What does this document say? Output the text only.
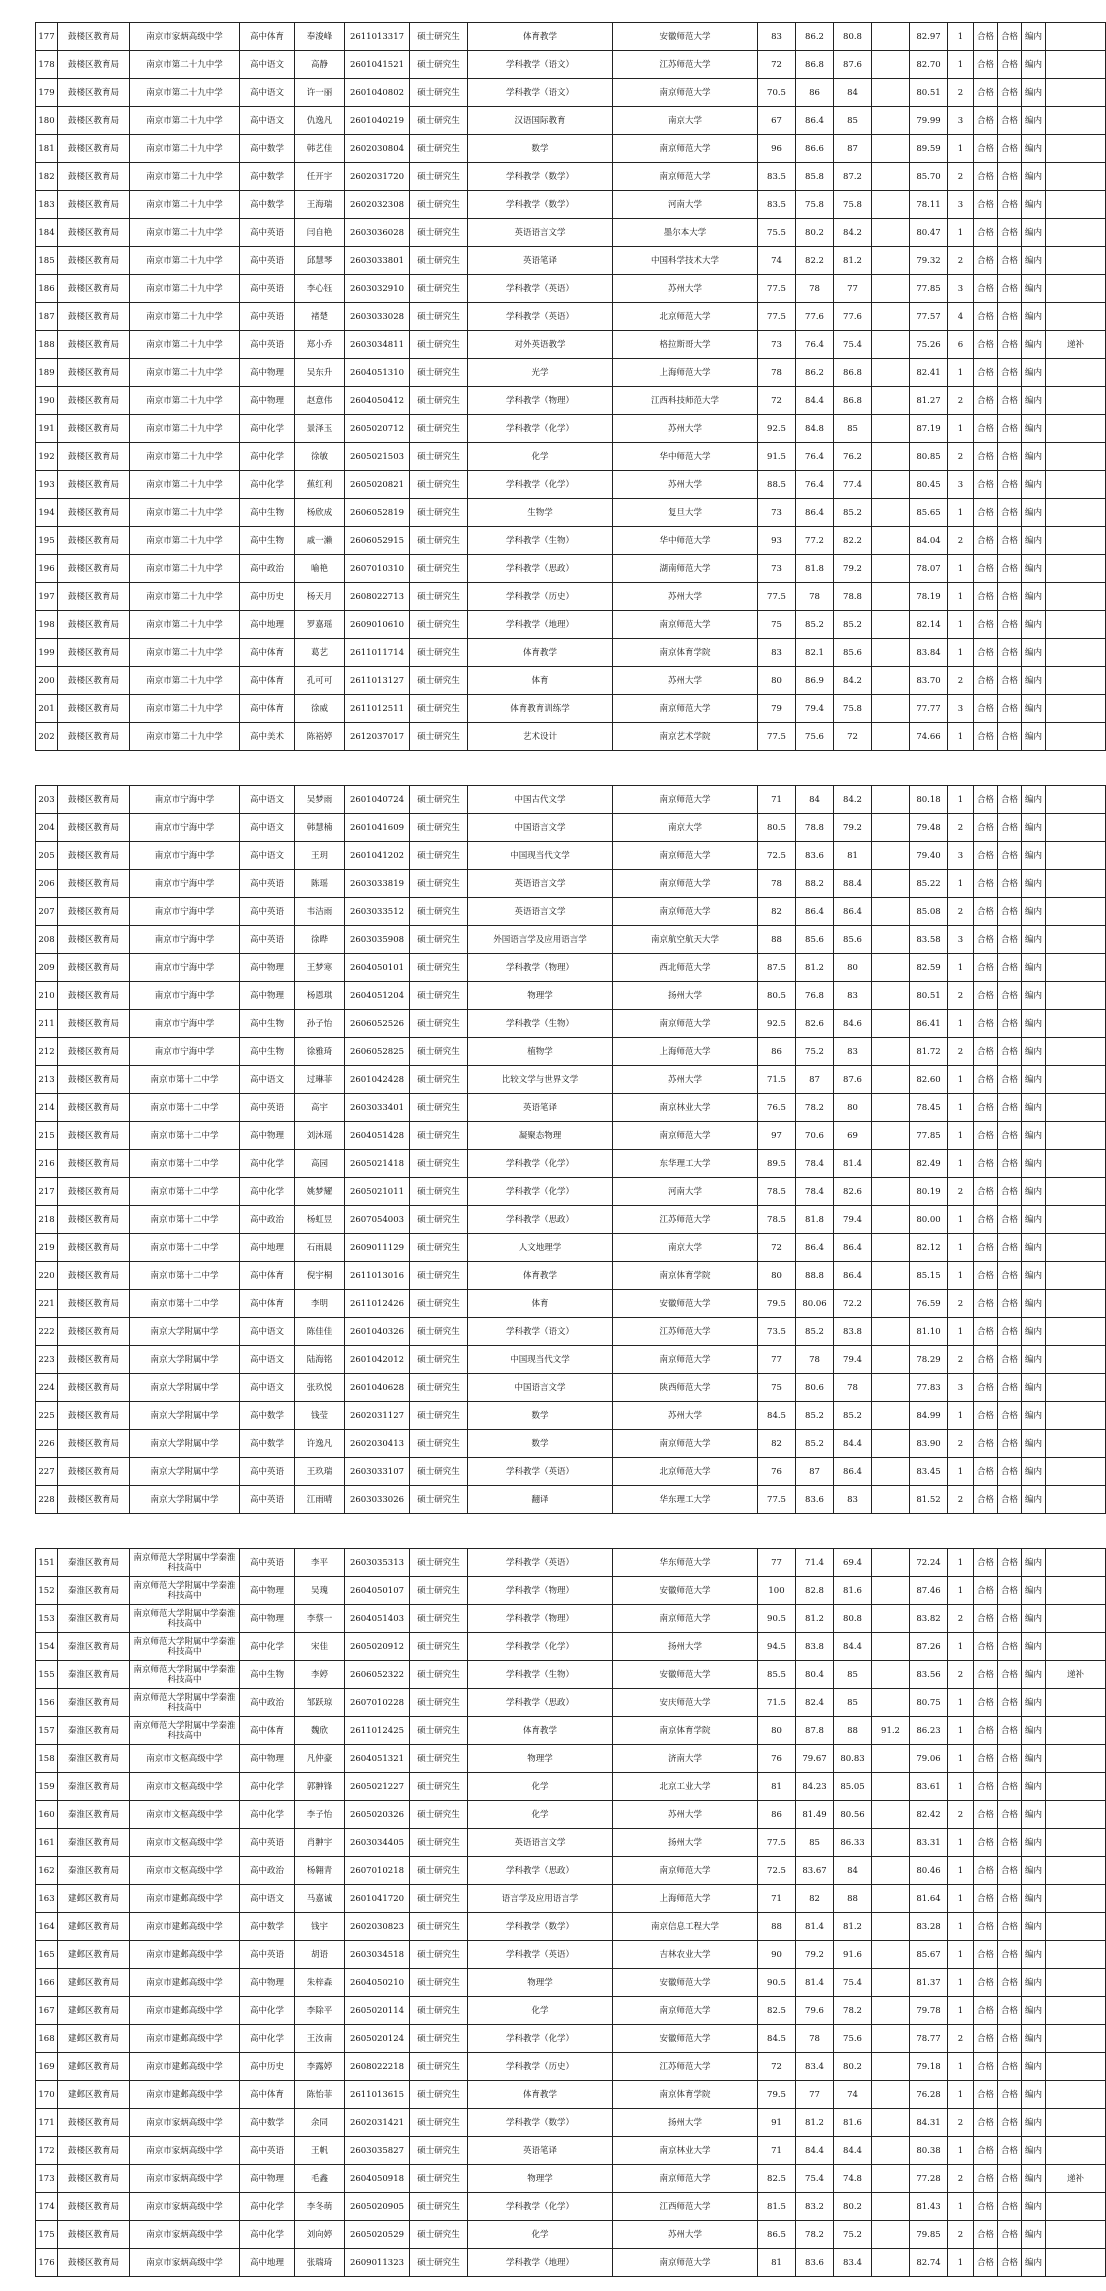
177	鼓楼区教育局	南京市家炳高级中学	高中体育	奉浚峰	2611013317	硕士研究生	体育教学	安徽师范大学	83	86.2	80.8		82.97	1	合格	合格	编内	
178	鼓楼区教育局	南京市第二十九中学	高中语文	高静	2601041521	硕士研究生	学科教学（语文）	江苏师范大学	72	86.8	87.6		82.70	1	合格	合格	编内	
179	鼓楼区教育局	南京市第二十九中学	高中语文	许一丽	2601040802	硕士研究生	学科教学（语文）	南京师范大学	70.5	86	84		80.51	2	合格	合格	编内	
180	鼓楼区教育局	南京市第二十九中学	高中语文	仇逸凡	2601040219	硕士研究生	汉语国际教育	南京大学	67	86.4	85		79.99	3	合格	合格	编内	
181	鼓楼区教育局	南京市第二十九中学	高中数学	韩艺佳	2602030804	硕士研究生	数学	南京师范大学	96	86.6	87		89.59	1	合格	合格	编内	
182	鼓楼区教育局	南京市第二十九中学	高中数学	任开宇	2602031720	硕士研究生	学科教学（数学）	南京师范大学	83.5	85.8	87.2		85.70	2	合格	合格	编内	
183	鼓楼区教育局	南京市第二十九中学	高中数学	王海瑞	2602032308	硕士研究生	学科教学（数学）	河南大学	83.5	75.8	75.8		78.11	3	合格	合格	编内	
184	鼓楼区教育局	南京市第二十九中学	高中英语	闫自艳	2603036028	硕士研究生	英语语言文学	墨尔本大学	75.5	80.2	84.2		80.47	1	合格	合格	编内	
185	鼓楼区教育局	南京市第二十九中学	高中英语	邱慧琴	2603033801	硕士研究生	英语笔译	中国科学技术大学	74	82.2	81.2		79.32	2	合格	合格	编内	
186	鼓楼区教育局	南京市第二十九中学	高中英语	李心钰	2603032910	硕士研究生	学科教学（英语）	苏州大学	77.5	78	77		77.85	3	合格	合格	编内	
187	鼓楼区教育局	南京市第二十九中学	高中英语	褚楚	2603033028	硕士研究生	学科教学（英语）	北京师范大学	77.5	77.6	77.6		77.57	4	合格	合格	编内	
188	鼓楼区教育局	南京市第二十九中学	高中英语	郑小乔	2603034811	硕士研究生	对外英语教学	格拉斯哥大学	73	76.4	75.4		75.26	6	合格	合格	编内	递补
189	鼓楼区教育局	南京市第二十九中学	高中物理	吴东升	2604051310	硕士研究生	光学	上海师范大学	78	86.2	86.8		82.41	1	合格	合格	编内	
190	鼓楼区教育局	南京市第二十九中学	高中物理	赵意伟	2604050412	硕士研究生	学科教学（物理）	江西科技师范大学	72	84.4	86.8		81.27	2	合格	合格	编内	
191	鼓楼区教育局	南京市第二十九中学	高中化学	景泽玉	2605020712	硕士研究生	学科教学（化学）	苏州大学	92.5	84.8	85		87.19	1	合格	合格	编内	
192	鼓楼区教育局	南京市第二十九中学	高中化学	徐敏	2605021503	硕士研究生	化学	华中师范大学	91.5	76.4	76.2		80.85	2	合格	合格	编内	
193	鼓楼区教育局	南京市第二十九中学	高中化学	蕉红利	2605020821	硕士研究生	学科教学（化学）	苏州大学	88.5	76.4	77.4		80.45	3	合格	合格	编内	
194	鼓楼区教育局	南京市第二十九中学	高中生物	杨欣成	2606052819	硕士研究生	生物学	复旦大学	73	86.4	85.2		85.65	1	合格	合格	编内	
195	鼓楼区教育局	南京市第二十九中学	高中生物	戚一濑	2606052915	硕士研究生	学科教学（生物）	华中师范大学	93	77.2	82.2		84.04	2	合格	合格	编内	
196	鼓楼区教育局	南京市第二十九中学	高中政治	喻艳	2607010310	硕士研究生	学科教学（思政）	湖南师范大学	73	81.8	79.2		78.07	1	合格	合格	编内	
197	鼓楼区教育局	南京市第二十九中学	高中历史	杨天月	2608022713	硕士研究生	学科教学（历史）	苏州大学	77.5	78	78.8		78.19	1	合格	合格	编内	
198	鼓楼区教育局	南京市第二十九中学	高中地理	罗嘉瑶	2609010610	硕士研究生	学科教学（地理）	南京师范大学	75	85.2	85.2		82.14	1	合格	合格	编内	
199	鼓楼区教育局	南京市第二十九中学	高中体育	葛艺	2611011714	硕士研究生	体育教学	南京体育学院	83	82.1	85.6		83.84	1	合格	合格	编内	
200	鼓楼区教育局	南京市第二十九中学	高中体育	孔可可	2611013127	硕士研究生	体育	苏州大学	80	86.9	84.2		83.70	2	合格	合格	编内	
201	鼓楼区教育局	南京市第二十九中学	高中体育	徐威	2611012511	硕士研究生	体育教育训练学	南京师范大学	79	79.4	75.8		77.77	3	合格	合格	编内	
202	鼓楼区教育局	南京市第二十九中学	高中美术	陈裕婷	2612037017	硕士研究生	艺术设计	南京艺术学院	77.5	75.6	72		74.66	1	合格	合格	编内	
203	鼓楼区教育局	南京市宁海中学	高中语文	吴梦雨	2601040724	硕士研究生	中国古代文学	南京师范大学	71	84	84.2		80.18	1	合格	合格	编内	
204	鼓楼区教育局	南京市宁海中学	高中语文	韩慧楠	2601041609	硕士研究生	中国语言文学	南京大学	80.5	78.8	79.2		79.48	2	合格	合格	编内	
205	鼓楼区教育局	南京市宁海中学	高中语文	王玥	2601041202	硕士研究生	中国现当代文学	南京师范大学	72.5	83.6	81		79.40	3	合格	合格	编内	
206	鼓楼区教育局	南京市宁海中学	高中英语	陈瑶	2603033819	硕士研究生	英语语言文学	南京师范大学	78	88.2	88.4		85.22	1	合格	合格	编内	
207	鼓楼区教育局	南京市宁海中学	高中英语	韦洁雨	2603033512	硕士研究生	英语语言文学	南京师范大学	82	86.4	86.4		85.08	2	合格	合格	编内	
208	鼓楼区教育局	南京市宁海中学	高中英语	徐晔	2603035908	硕士研究生	外国语言学及应用语言学	南京航空航天大学	88	85.6	85.6		83.58	3	合格	合格	编内	
209	鼓楼区教育局	南京市宁海中学	高中物理	王梦寒	2604050101	硕士研究生	学科教学（物理）	西北师范大学	87.5	81.2	80		82.59	1	合格	合格	编内	
210	鼓楼区教育局	南京市宁海中学	高中物理	杨恩琪	2604051204	硕士研究生	物理学	扬州大学	80.5	76.8	83		80.51	2	合格	合格	编内	
211	鼓楼区教育局	南京市宁海中学	高中生物	孙子怡	2606052526	硕士研究生	学科教学（生物）	南京师范大学	92.5	82.6	84.6		86.41	1	合格	合格	编内	
212	鼓楼区教育局	南京市宁海中学	高中生物	徐雅琦	2606052825	硕士研究生	植物学	上海师范大学	86	75.2	83		81.72	2	合格	合格	编内	
213	鼓楼区教育局	南京市第十二中学	高中语文	过琳菲	2601042428	硕士研究生	比较文学与世界文学	苏州大学	71.5	87	87.6		82.60	1	合格	合格	编内	
214	鼓楼区教育局	南京市第十二中学	高中英语	高宇	2603033401	硕士研究生	英语笔译	南京林业大学	76.5	78.2	80		78.45	1	合格	合格	编内	
215	鼓楼区教育局	南京市第十二中学	高中物理	刘沐瑶	2604051428	硕士研究生	凝聚态物理	南京师范大学	97	70.6	69		77.85	1	合格	合格	编内	
216	鼓楼区教育局	南京市第十二中学	高中化学	高园	2605021418	硕士研究生	学科教学（化学）	东华理工大学	89.5	78.4	81.4		82.49	1	合格	合格	编内	
217	鼓楼区教育局	南京市第十二中学	高中化学	姚梦耀	2605021011	硕士研究生	学科教学（化学）	河南大学	78.5	78.4	82.6		80.19	2	合格	合格	编内	
218	鼓楼区教育局	南京市第十二中学	高中政治	杨虹昱	2607054003	硕士研究生	学科教学（思政）	江苏师范大学	78.5	81.8	79.4		80.00	1	合格	合格	编内	
219	鼓楼区教育局	南京市第十二中学	高中地理	石雨晨	2609011129	硕士研究生	人文地理学	南京大学	72	86.4	86.4		82.12	1	合格	合格	编内	
220	鼓楼区教育局	南京市第十二中学	高中体育	倪宇桐	2611013016	硕士研究生	体育教学	南京体育学院	80	88.8	86.4		85.15	1	合格	合格	编内	
221	鼓楼区教育局	南京市第十二中学	高中体育	李明	2611012426	硕士研究生	体育	安徽师范大学	79.5	80.06	72.2		76.59	2	合格	合格	编内	
222	鼓楼区教育局	南京大学附属中学	高中语文	陈佳佳	2601040326	硕士研究生	学科教学（语文）	江苏师范大学	73.5	85.2	83.8		81.10	1	合格	合格	编内	
223	鼓楼区教育局	南京大学附属中学	高中语文	陆海铭	2601042012	硕士研究生	中国现当代文学	南京师范大学	77	78	79.4		78.29	2	合格	合格	编内	
224	鼓楼区教育局	南京大学附属中学	高中语文	张玖悦	2601040628	硕士研究生	中国语言文学	陕西师范大学	75	80.6	78		77.83	3	合格	合格	编内	
225	鼓楼区教育局	南京大学附属中学	高中数学	钱莹	2602031127	硕士研究生	数学	苏州大学	84.5	85.2	85.2		84.99	1	合格	合格	编内	
226	鼓楼区教育局	南京大学附属中学	高中数学	许逸凡	2602030413	硕士研究生	数学	南京师范大学	82	85.2	84.4		83.90	2	合格	合格	编内	
227	鼓楼区教育局	南京大学附属中学	高中英语	王玖瑞	2603033107	硕士研究生	学科教学（英语）	北京师范大学	76	87	86.4		83.45	1	合格	合格	编内	
228	鼓楼区教育局	南京大学附属中学	高中英语	江雨晴	2603033026	硕士研究生	翻译	华东理工大学	77.5	83.6	83		81.52	2	合格	合格	编内	
151	秦淮区教育局	南京师范大学附属中学秦淮科技高中	高中英语	李平	2603035313	硕士研究生	学科教学（英语）	华东师范大学	77	71.4	69.4		72.24	1	合格	合格	编内	
152	秦淮区教育局	南京师范大学附属中学秦淮科技高中	高中物理	吴瑰	2604050107	硕士研究生	学科教学（物理）	安徽师范大学	100	82.8	81.6		87.46	1	合格	合格	编内	
153	秦淮区教育局	南京师范大学附属中学秦淮科技高中	高中物理	李蔡一	2604051403	硕士研究生	学科教学（物理）	南京师范大学	90.5	81.2	80.8		83.82	2	合格	合格	编内	
154	秦淮区教育局	南京师范大学附属中学秦淮科技高中	高中化学	宋佳	2605020912	硕士研究生	学科教学（化学）	扬州大学	94.5	83.8	84.4		87.26	1	合格	合格	编内	
155	秦淮区教育局	南京师范大学附属中学秦淮科技高中	高中生物	李婷	2606052322	硕士研究生	学科教学（生物）	安徽师范大学	85.5	80.4	85		83.56	2	合格	合格	编内	递补
156	秦淮区教育局	南京师范大学附属中学秦淮科技高中	高中政治	邹跃琼	2607010228	硕士研究生	学科教学（思政）	安庆师范大学	71.5	82.4	85		80.75	1	合格	合格	编内	
157	秦淮区教育局	南京师范大学附属中学秦淮科技高中	高中体育	魏欣	2611012425	硕士研究生	体育教学	南京体育学院	80	87.8	88	91.2	86.23	1	合格	合格	编内	
158	秦淮区教育局	南京市文枢高级中学	高中物理	凡仲豪	2604051321	硕士研究生	物理学	济南大学	76	79.67	80.83		79.06	1	合格	合格	编内	
159	秦淮区教育局	南京市文枢高级中学	高中化学	郭翀锋	2605021227	硕士研究生	化学	北京工业大学	81	84.23	85.05		83.61	1	合格	合格	编内	
160	秦淮区教育局	南京市文枢高级中学	高中化学	李子怡	2605020326	硕士研究生	化学	苏州大学	86	81.49	80.56		82.42	2	合格	合格	编内	
161	秦淮区教育局	南京市文枢高级中学	高中英语	肖翀宇	2603034405	硕士研究生	英语语言文学	扬州大学	77.5	85	86.33		83.31	1	合格	合格	编内	
162	秦淮区教育局	南京市文枢高级中学	高中政治	杨翱青	2607010218	硕士研究生	学科教学（思政）	南京师范大学	72.5	83.67	84		80.46	1	合格	合格	编内	
163	建邺区教育局	南京市建邺高级中学	高中语文	马嘉诚	2601041720	硕士研究生	语言学及应用语言学	上海师范大学	71	82	88		81.64	1	合格	合格	编内	
164	建邺区教育局	南京市建邺高级中学	高中数学	钱宇	2602030823	硕士研究生	学科教学（数学）	南京信息工程大学	88	81.4	81.2		83.28	1	合格	合格	编内	
165	建邺区教育局	南京市建邺高级中学	高中英语	胡语	2603034518	硕士研究生	学科教学（英语）	吉林农业大学	90	79.2	91.6		85.67	1	合格	合格	编内	
166	建邺区教育局	南京市建邺高级中学	高中物理	朱梓森	2604050210	硕士研究生	物理学	安徽师范大学	90.5	81.4	75.4		81.37	1	合格	合格	编内	
167	建邺区教育局	南京市建邺高级中学	高中化学	李除平	2605020114	硕士研究生	化学	南京师范大学	82.5	79.6	78.2		79.78	1	合格	合格	编内	
168	建邺区教育局	南京市建邺高级中学	高中化学	王汝南	2605020124	硕士研究生	学科教学（化学）	安徽师范大学	84.5	78	75.6		78.77	2	合格	合格	编内	
169	建邺区教育局	南京市建邺高级中学	高中历史	李露婷	2608022218	硕士研究生	学科教学（历史）	江苏师范大学	72	83.4	80.2		79.18	1	合格	合格	编内	
170	建邺区教育局	南京市建邺高级中学	高中体育	陈怡菲	2611013615	硕士研究生	体育教学	南京体育学院	79.5	77	74		76.28	1	合格	合格	编内	
171	鼓楼区教育局	南京市家炳高级中学	高中数学	余同	2602031421	硕士研究生	学科教学（数学）	扬州大学	91	81.2	81.6		84.31	2	合格	合格	编内	
172	鼓楼区教育局	南京市家炳高级中学	高中英语	王帆	2603035827	硕士研究生	英语笔译	南京林业大学	71	84.4	84.4		80.38	1	合格	合格	编内	
173	鼓楼区教育局	南京市家炳高级中学	高中物理	毛鑫	2604050918	硕士研究生	物理学	南京师范大学	82.5	75.4	74.8		77.28	2	合格	合格	编内	递补
174	鼓楼区教育局	南京市家炳高级中学	高中化学	李冬萌	2605020905	硕士研究生	学科教学（化学）	江西师范大学	81.5	83.2	80.2		81.43	1	合格	合格	编内	
175	鼓楼区教育局	南京市家炳高级中学	高中化学	刘向婷	2605020529	硕士研究生	化学	苏州大学	86.5	78.2	75.2		79.85	2	合格	合格	编内	
176	鼓楼区教育局	南京市家炳高级中学	高中地理	张瑞琦	2609011323	硕士研究生	学科教学（地理）	南京师范大学	81	83.6	83.4		82.74	1	合格	合格	编内	
